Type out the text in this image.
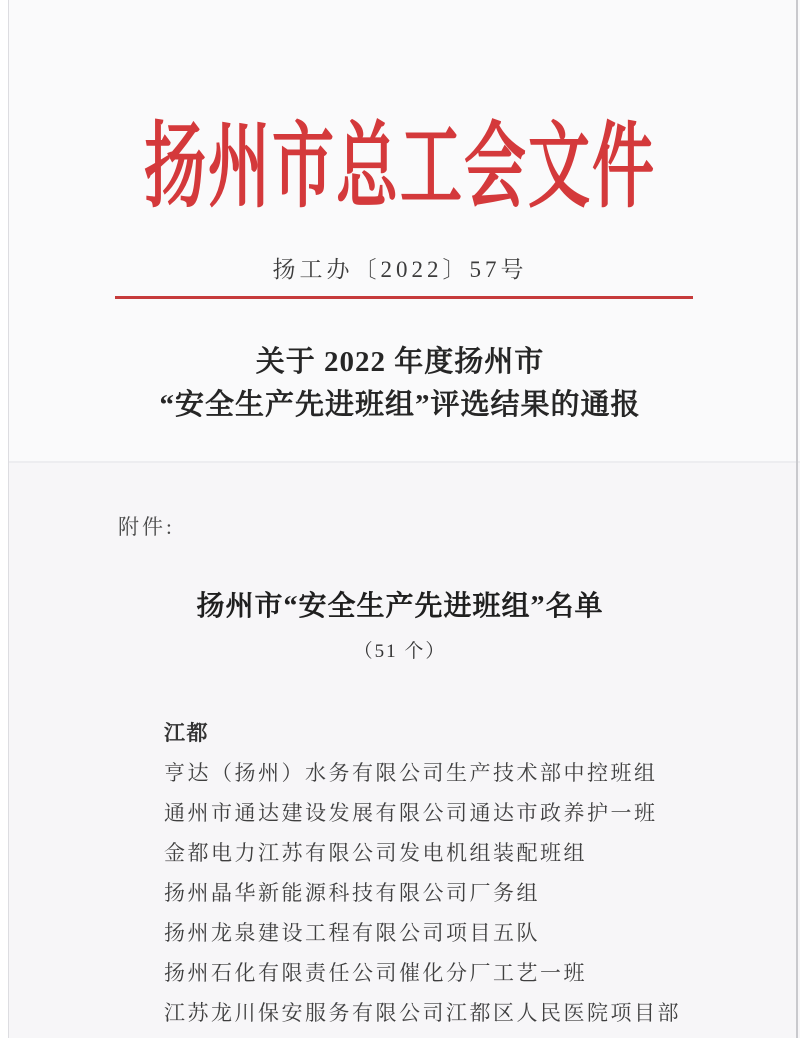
扬州市总工会文件
扬工办〔2022〕57号
关于 2022 年度扬州市
“安全生产先进班组”评选结果的通报
附件:
扬州市“安全生产先进班组”名单
（51 个）
江都
亨达（扬州）水务有限公司生产技术部中控班组
通州市通达建设发展有限公司通达市政养护一班
金都电力江苏有限公司发电机组装配班组
扬州晶华新能源科技有限公司厂务组
扬州龙泉建设工程有限公司项目五队
扬州石化有限责任公司催化分厂工艺一班
江苏龙川保安服务有限公司江都区人民医院项目部
